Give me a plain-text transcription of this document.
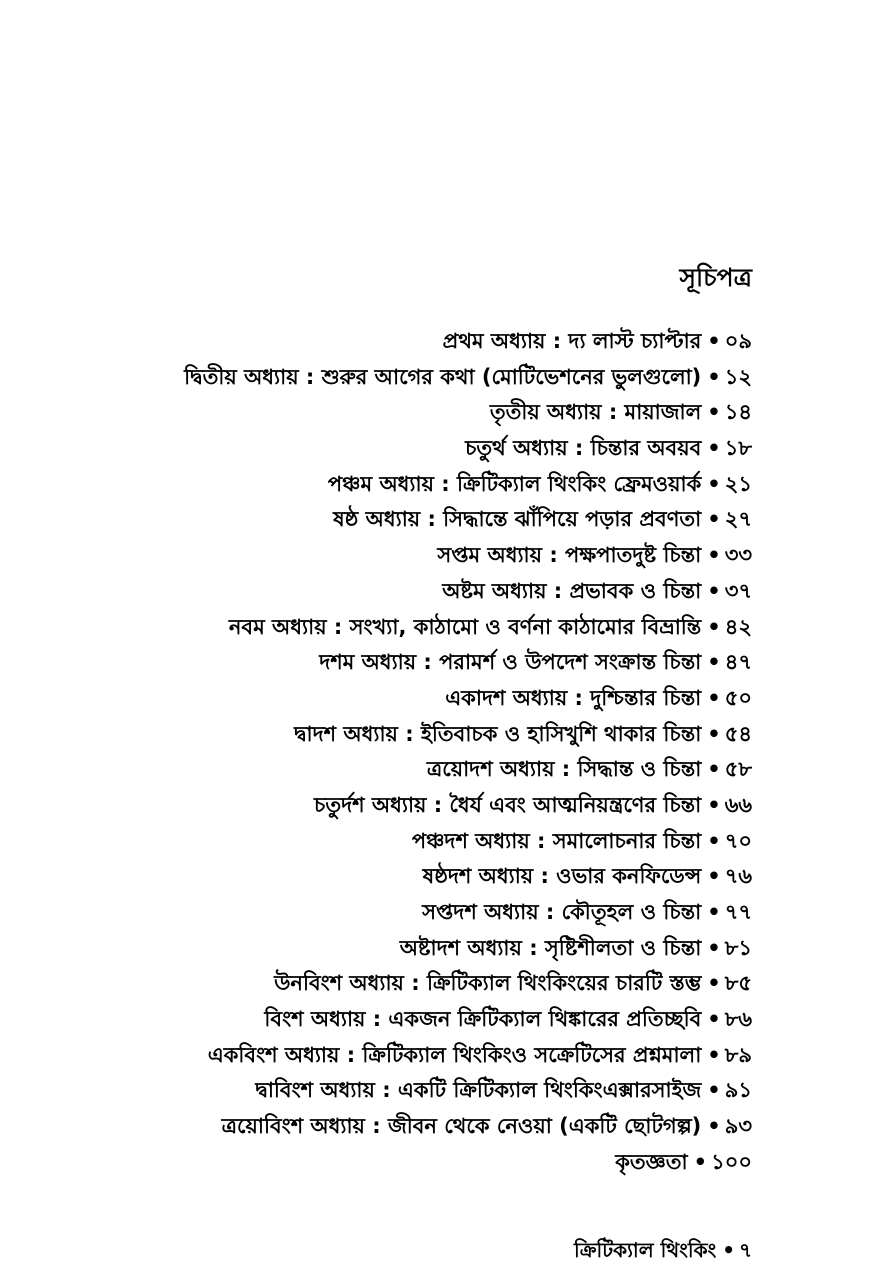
সূচিপত্র
প্রথম অধ্যায় : দ্য লাস্ট চ্যাপ্টার • ০৯
দ্বিতীয় অধ্যায় : শুরুর আগের কথা (মোটিভেশনের ভুলগুলো) • ১২
তৃতীয় অধ্যায় : মায়াজাল • ১৪
চতুর্থ অধ্যায় : চিন্তার অবয়ব • ১৮
পঞ্চম অধ্যায় : ক্রিটিক্যাল থিংকিং ফ্রেমওয়ার্ক • ২১
ষষ্ঠ অধ্যায় : সিদ্ধান্তে ঝাঁপিয়ে পড়ার প্রবণতা • ২৭
সপ্তম অধ্যায় : পক্ষপাতদুষ্ট চিন্তা • ৩৩
অষ্টম অধ্যায় : প্রভাবক ও চিন্তা • ৩৭
নবম অধ্যায় : সংখ্যা, কাঠামো ও বর্ণনা কাঠামোর বিভ্রান্তি • ৪২
দশম অধ্যায় : পরামর্শ ও উপদেশ সংক্রান্ত চিন্তা • ৪৭
একাদশ অধ্যায় : দুশ্চিন্তার চিন্তা • ৫০
দ্বাদশ অধ্যায় : ইতিবাচক ও হাসিখুশি থাকার চিন্তা • ৫৪
ত্রয়োদশ অধ্যায় : সিদ্ধান্ত ও চিন্তা • ৫৮
চতুর্দশ অধ্যায় : ধৈর্য এবং আত্মনিয়ন্ত্রণের চিন্তা • ৬৬
পঞ্চদশ অধ্যায় : সমালোচনার চিন্তা • ৭০
ষষ্ঠদশ অধ্যায় : ওভার কনফিডেন্স • ৭৬
সপ্তদশ অধ্যায় : কৌতূহল ও চিন্তা • ৭৭
অষ্টাদশ অধ্যায় : সৃষ্টিশীলতা ও চিন্তা • ৮১
উনবিংশ অধ্যায় : ক্রিটিক্যাল থিংকিংয়ের চারটি স্তম্ভ • ৮৫
বিংশ অধ্যায় : একজন ক্রিটিক্যাল থিঙ্কারের প্রতিচ্ছবি • ৮৬
একবিংশ অধ্যায় : ক্রিটিক্যাল থিংকিংও সক্রেটিসের প্রশ্নমালা • ৮৯
দ্বাবিংশ অধ্যায় : একটি ক্রিটিক্যাল থিংকিংএক্সারসাইজ • ৯১
ত্রয়োবিংশ অধ্যায় : জীবন থেকে নেওয়া (একটি ছোটগল্প) • ৯৩
কৃতজ্ঞতা • ১০০
ক্রিটিক্যাল থিংকিং • ৭
